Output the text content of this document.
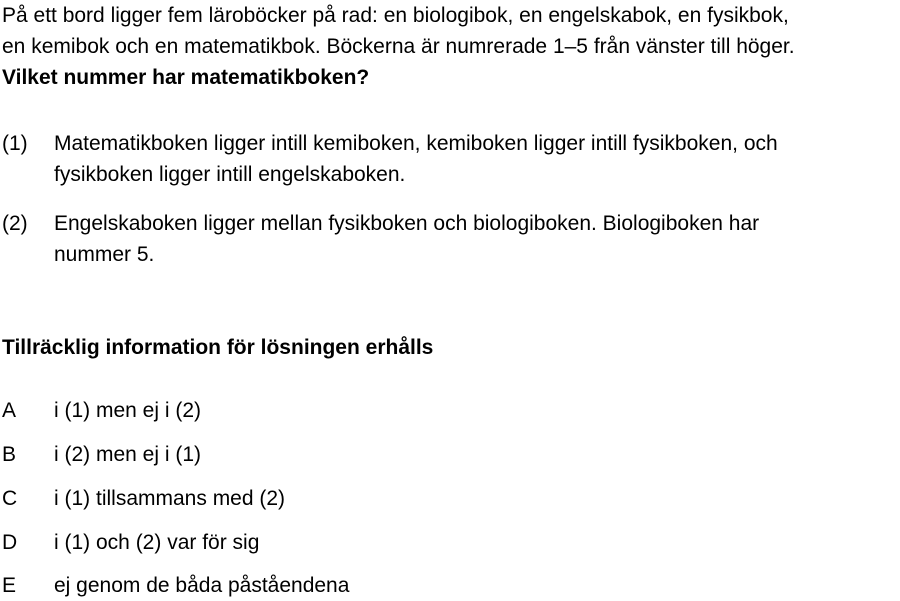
På ett bord ligger fem läroböcker på rad: en biologibok, en engelskabok, en fysikbok,

en kemibok och en matematikbok. Böckerna är numrerade 1–5 från vänster till höger.

Vilket nummer har matematikboken?

(1)	Matematikboken ligger intill kemiboken, kemiboken ligger intill fysikboken, och
fysikboken ligger intill engelskaboken.
(2)	Engelskaboken ligger mellan fysikboken och biologiboken. Biologiboken har
nummer 5.
Tillräcklig information för lösningen erhålls
A	i (1) men ej i (2)
B	i (2) men ej i (1)
C	i (1) tillsammans med (2)
D	i (1) och (2) var för sig
E	ej genom de båda påståendena
